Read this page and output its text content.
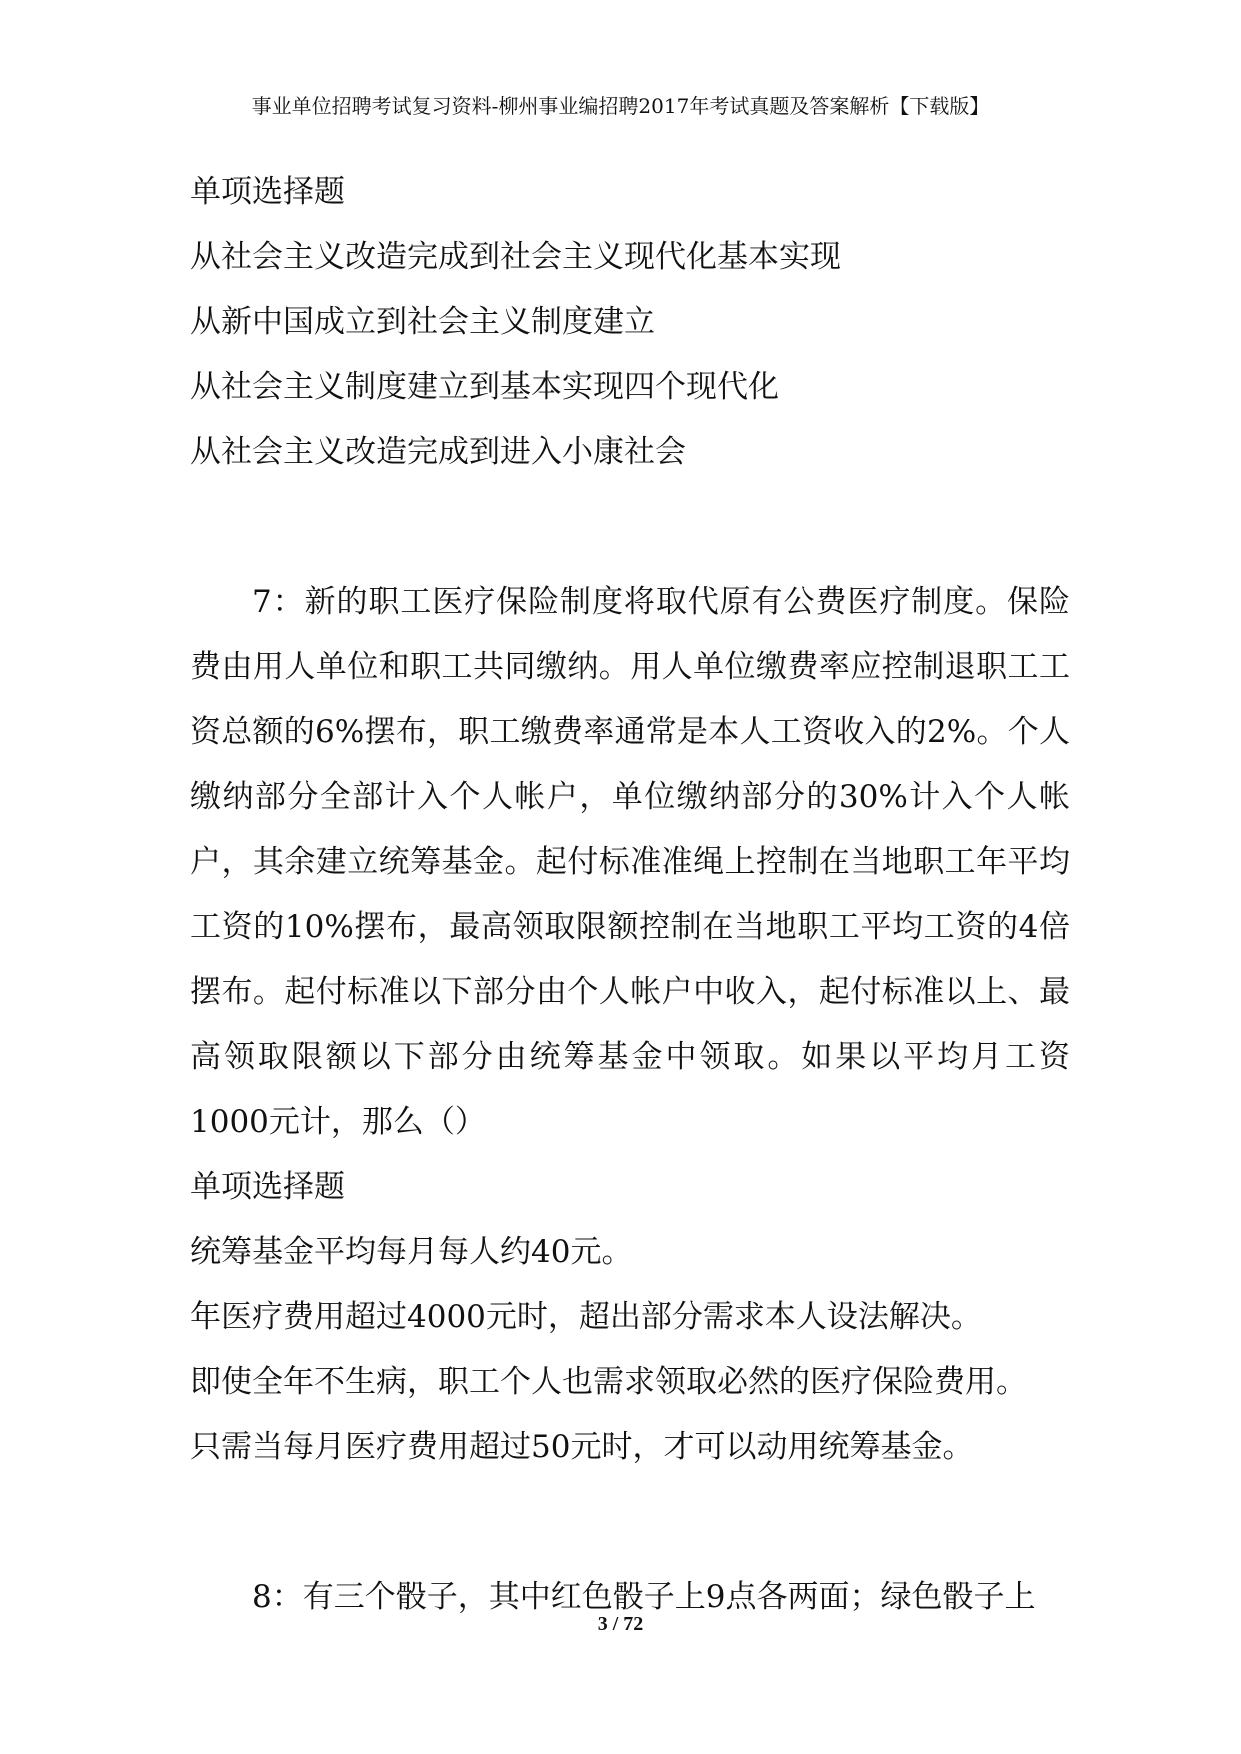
事业单位招聘考试复习资料-柳州事业编招聘2017年考试真题及答案解析【下载版】

单项选择题

从社会主义改造完成到社会主义现代化基本实现

从新中国成立到社会主义制度建立

从社会主义制度建立到基本实现四个现代化

从社会主义改造完成到进入小康社会

7：新的职工医疗保险制度将取代原有公费医疗制度。保险费由用人单位和职工共同缴纳。用人单位缴费率应控制退职工工资总额的6%摆布，职工缴费率通常是本人工资收入的2%。个人缴纳部分全部计入个人帐户，单位缴纳部分的30%计入个人帐户，其余建立统筹基金。起付标准准绳上控制在当地职工年平均工资的10%摆布，最高领取限额控制在当地职工平均工资的4倍摆布。起付标准以下部分由个人帐户中收入，起付标准以上、最高领取限额以下部分由统筹基金中领取。如果以平均月工资1000元计，那么（）

单项选择题

统筹基金平均每月每人约40元。

年医疗费用超过4000元时，超出部分需求本人设法解决。

即使全年不生病，职工个人也需求领取必然的医疗保险费用。

只需当每月医疗费用超过50元时，才可以动用统筹基金。

8：有三个骰子，其中红色骰子上9点各两面；绿色骰子上

3 / 72
